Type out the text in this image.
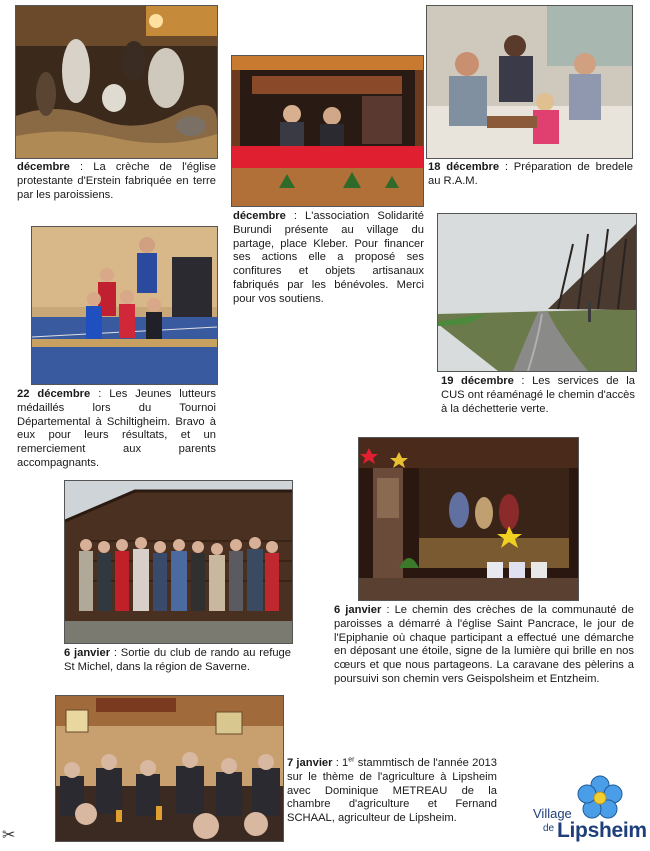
décembre : La crèche de l'église protestante d'Erstein fabriquée en terre par les paroissiens.

décembre : L'association Solidarité Burundi présente au village du partage, place Kleber. Pour financer ses actions elle a proposé ses confitures et objets artisanaux fabriqués par les bénévoles. Merci pour vos soutiens.

18 décembre : Préparation de bredele au R.A.M.

22 décembre : Les Jeunes lutteurs médaillés lors du Tournoi Départemental à Schiltigheim. Bravo à eux pour leurs résultats, et un remerciement aux parents accompagnants.

19 décembre : Les services de la CUS ont réaménagé le chemin d'accès à la déchetterie verte.

6 janvier : Le chemin des crèches de la communauté de paroisses a démarré à l'église Saint Pancrace, le jour de l'Epiphanie où chaque participant a effectué une démarche en déposant une étoile, signe de la lumière qui brille en nos cœurs et que nous partageons. La caravane des pèlerins a poursuivi son chemin vers Geispolsheim et Entzheim.

6 janvier : Sortie du club de rando au refuge St Michel, dans la région de Saverne.

7 janvier : 1er stammtisch de l'année 2013 sur le thème de l'agriculture à Lipsheim avec Dominique METREAU de la chambre d'agriculture et Fernand SCHAAL, agriculteur de Lipsheim.	Village
de Lipsheim
✂
